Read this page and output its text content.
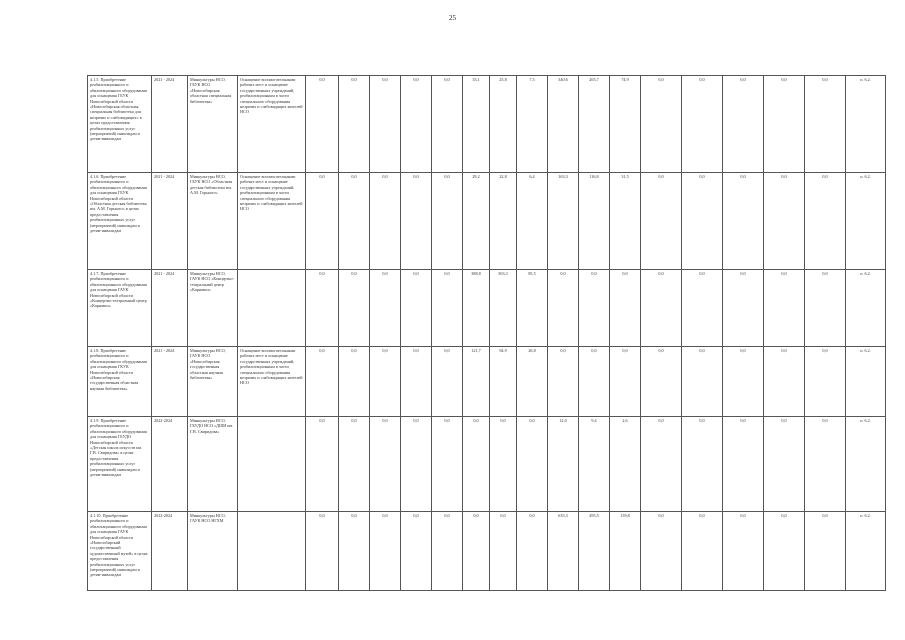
25
4.1.5. Приобретение реабилитационного и абилитационного оборудования для оснащения ГБУК Новосибирской области «Новосибирская областная специальная библиотека для незрячих и слабовидящих» в целях предоставления реабилитационных услуг (мероприятий) инвалидам и детям-инвалидам	2021 - 2024	Минкультуры НСО, ГБУК НСО «Новосибирская областная специальная библиотека»	Оснащение вспомогательными рабочих мест и оснащение государственных учреждений, реабилитационным в части специального оборудования незрячих и слабовидящих жителей НСО	0,0	0,0	0,0	0,0	0,0	33,1	25,8	7,3	340,6	265,7	74,9	0,0	0,0	0,0	0,0	0,0	п. 6.2.
4.1.6. Приобретение реабилитационного и абилитационного оборудования для оснащения ГБУК Новосибирской области «Областная детская библиотека им. А.М. Горького» в целях предоставления реабилитационных услуг (мероприятий) инвалидам и детям-инвалидам	2021 - 2024	Минкультуры НСО, ГБУК НСО «Областная детская библиотека им. А.М. Горького»	Оснащение вспомогательными рабочих мест и оснащение государственных учреждений, реабилитационным в части специального оборудования незрячих и слабовидящих жителей НСО	0,0	0,0	0,0	0,0	0,0	29,2	22,8	6,4	163,3	116,8	31,5	0,0	0,0	0,0	0,0	0,0	п. 6.2.
4.1.7. Приобретение реабилитационного и абилитационного оборудования для оснащения ГАУК Новосибирской области «Концертно-театральный центр «Карнавал»	2021 - 2024	Минкультуры НСО, ГАУК НСО «Концертно-театральный центр «Карнавал»		0,0	0,0	0,0	0,0	0,0	388,8	303,3	85,5	0,0	0,0	0,0	0,0	0,0	0,0	0,0	0,0	п. 6.2.
4.1.8. Приобретение реабилитационного и абилитационного оборудования для оснащения ГКУК Новосибирской области «Новосибирская государственная областная научная библиотека»	2021 - 2024	Минкультуры НСО, ГАУК НСО «Новосибирская государственная областная научная библиотека»	Оснащение вспомогательными рабочих мест и оснащение государственных учреждений, реабилитационным в части специального оборудования незрячих и слабовидящих жителей НСО	0,0	0,0	0,0	0,0	0,0	121,7	94,9	26,8	0,0	0,0	0,0	0,0	0,0	0,0	0,0	0,0	п. 6.2.
4.1.9. Приобретение реабилитационного и абилитационного оборудования для оснащения ГБУДО Новосибирской области «Детская школа искусств им. Г.В. Свиридова» в целях предоставления реабилитационных услуг (мероприятий) инвалидам и детям-инвалидам	2022-2024	Минкультуры НСО, ГБУДО НСО «ДШИ им. Г.В. Свиридова»		0,0	0,0	0,0	0,0	0,0	0,0	0,0	0,0	12,0	9,4	2,6	0,0	0,0	0,0	0,0	0,0	п. 6.2.
4.1.10. Приобретение реабилитационного и абилитационного оборудования для оснащения ГАУК Новосибирской области «Новосибирский государственный художественный музей» в целях предоставления реабилитационных услуг (мероприятий) инвалидам и детям-инвалидам	2022-2024	Минкультуры НСО, ГАУК НСО НГХМ		0,0	0,0	0,0	0,0	0,0	0,0	0,0	0,0	635,3	495,5	139,8	0,0	0,0	0,0	0,0	0,0	п. 6.2.
